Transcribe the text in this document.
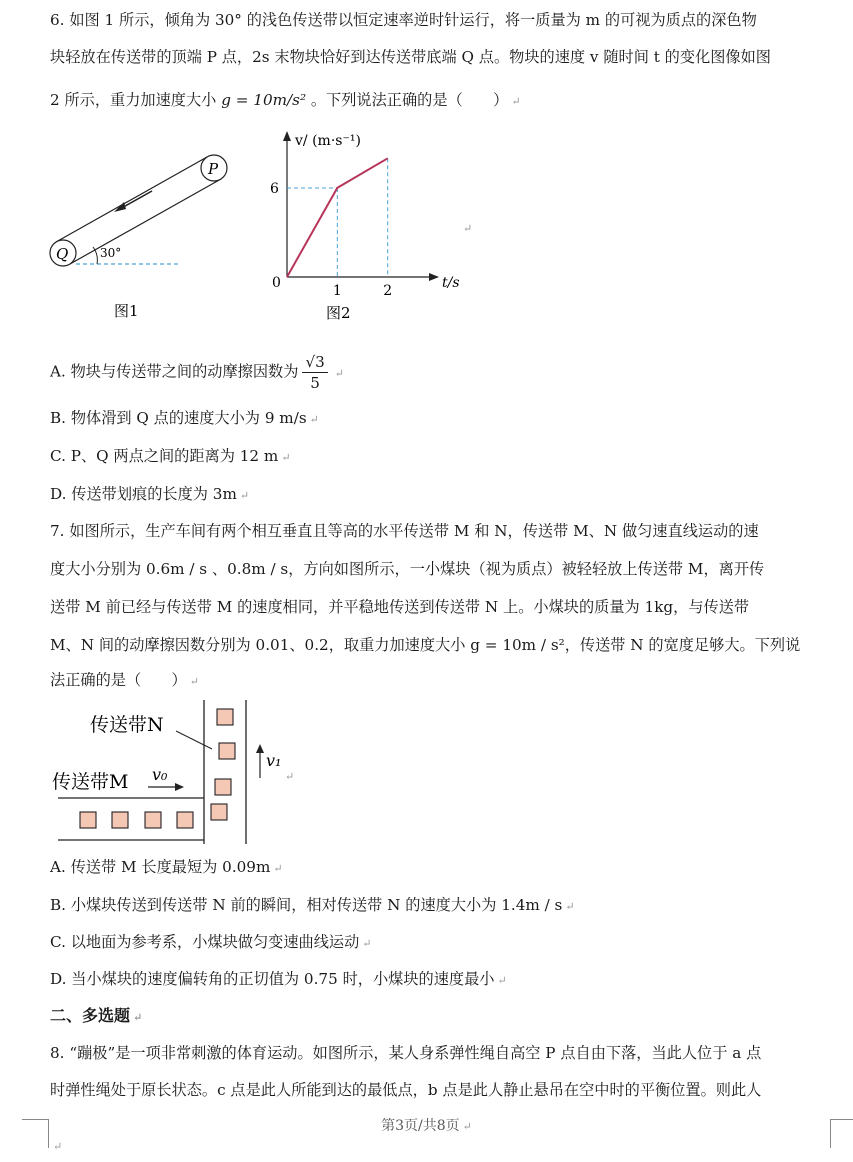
6. 如图 1 所示，倾角为 30° 的浅色传送带以恒定速率逆时针运行，将一质量为 m 的可视为质点的深色物
块轻放在传送带的顶端 P 点，2s 末物块恰好到达传送带底端 Q 点。物块的速度 v 随时间 t 的变化图像如图
2 所示，重力加速度大小 g = 10m/s² 。下列说法正确的是（　　） ↵
P
Q	30°
图1
v/ (m·s⁻¹)
t/s
6
0	1	2
图2
↵
A. 物块与传送带之间的动摩擦因数为 $\frac{√3}{5}$ ↵
B. 物体滑到 Q 点的速度大小为 9 m/s ↵
C. P、Q 两点之间的距离为 12 m ↵
D. 传送带划痕的长度为 3m ↵
7. 如图所示，生产车间有两个相互垂直且等高的水平传送带 M 和 N，传送带 M、N 做匀速直线运动的速
度大小分别为 0.6m / s 、0.8m / s，方向如图所示，一小煤块（视为质点）被轻轻放上传送带 M，离开传
送带 M 前已经与传送带 M 的速度相同，并平稳地传送到传送带 N 上。小煤块的质量为 1kg，与传送带
M、N 间的动摩擦因数分别为 0.01、0.2，取重力加速度大小 g = 10m / s²，传送带 N 的宽度足够大。下列说
法正确的是（　　） ↵
传送带N
传送带M v₀
v₁
↵
A. 传送带 M 长度最短为 0.09m ↵
B. 小煤块传送到传送带 N 前的瞬间，相对传送带 N 的速度大小为 1.4m / s ↵
C. 以地面为参考系，小煤块做匀变速曲线运动 ↵
D. 当小煤块的速度偏转角的正切值为 0.75 时，小煤块的速度最小 ↵
二、多选题 ↵
8. “蹦极”是一项非常刺激的体育运动。如图所示，某人身系弹性绳自高空 P 点自由下落，当此人位于 a 点
时弹性绳处于原长状态。c 点是此人所能到达的最低点，b 点是此人静止悬吊在空中时的平衡位置。则此人
↵
第3页/共8页 ↵
